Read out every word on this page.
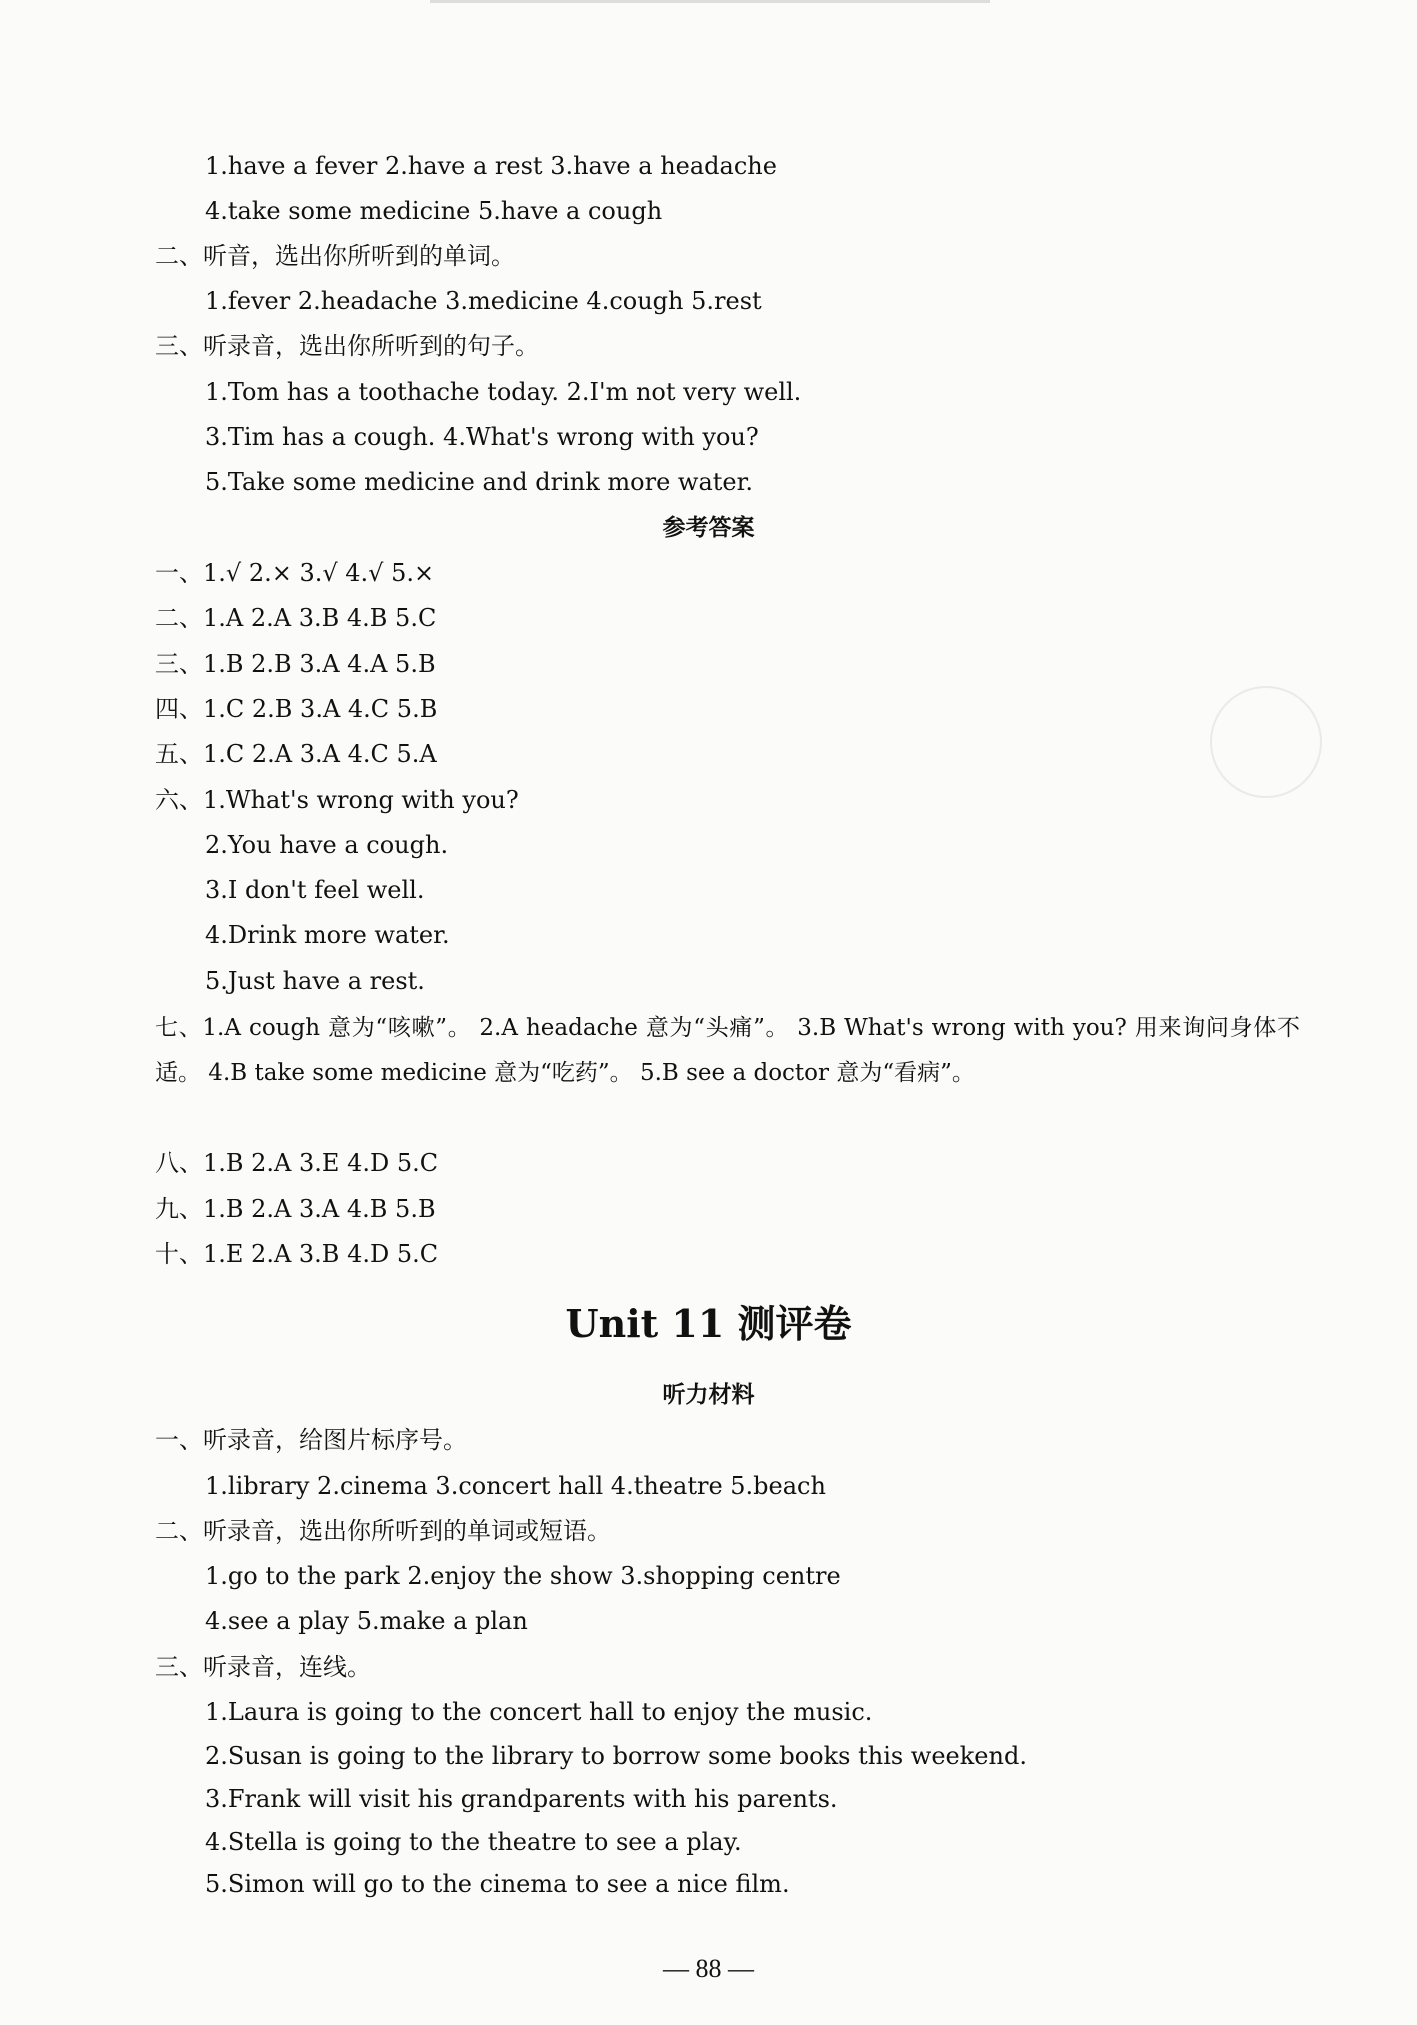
1.have a fever 2.have a rest 3.have a headache
4.take some medicine 5.have a cough
二、听音，选出你所听到的单词。
1.fever 2.headache 3.medicine 4.cough 5.rest
三、听录音，选出你所听到的句子。
1.Tom has a toothache today. 2.I'm not very well.
3.Tim has a cough. 4.What's wrong with you?
5.Take some medicine and drink more water.
参考答案
一、1.√ 2.× 3.√ 4.√ 5.×
二、1.A 2.A 3.B 4.B 5.C
三、1.B 2.B 3.A 4.A 5.B
四、1.C 2.B 3.A 4.C 5.B
五、1.C 2.A 3.A 4.C 5.A
六、1.What's wrong with you?
2.You have a cough.
3.I don't feel well.
4.Drink more water.
5.Just have a rest.
七、1.A cough 意为“咳嗽”。 2.A headache 意为“头痛”。 3.B What's wrong with you? 用来询问身体不适。 4.B take some medicine 意为“吃药”。 5.B see a doctor 意为“看病”。
八、1.B 2.A 3.E 4.D 5.C
九、1.B 2.A 3.A 4.B 5.B
十、1.E 2.A 3.B 4.D 5.C
Unit 11 测评卷
听力材料
一、听录音，给图片标序号。
1.library 2.cinema 3.concert hall 4.theatre 5.beach
二、听录音，选出你所听到的单词或短语。
1.go to the park 2.enjoy the show 3.shopping centre
4.see a play 5.make a plan
三、听录音，连线。
1.Laura is going to the concert hall to enjoy the music.
2.Susan is going to the library to borrow some books this weekend.
3.Frank will visit his grandparents with his parents.
4.Stella is going to the theatre to see a play.
5.Simon will go to the cinema to see a nice film.
— 88 —
